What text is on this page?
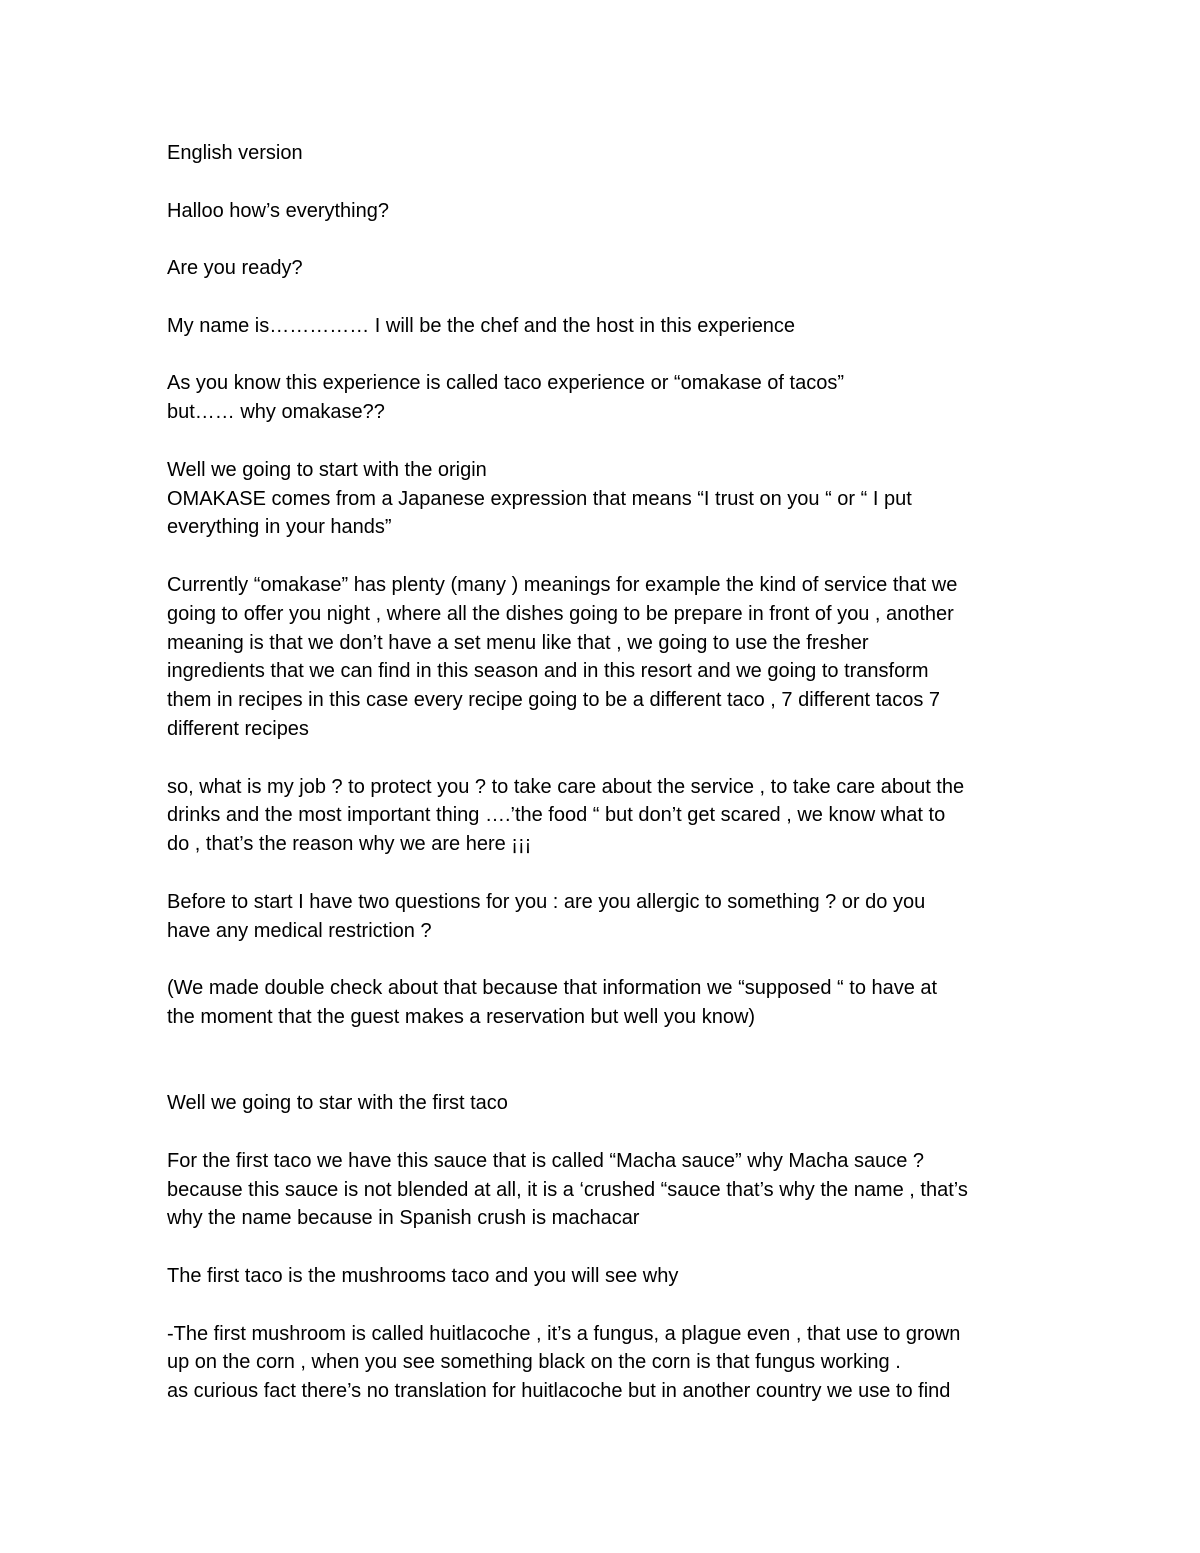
English version

Halloo how’s everything?

Are you ready?

My name is…………… I will be the chef and the host in this experience

As you know this experience is called taco experience or “omakase of tacos”
but…… why omakase??

Well we going to start with the origin
OMAKASE comes from a Japanese expression that means “I trust on you “ or “ I put
everything in your hands”

Currently “omakase” has plenty (many ) meanings for example the kind of service that we
going to offer you night , where all the dishes going to be prepare in front of you , another
meaning is that we don’t have a set menu like that , we going to use the fresher
ingredients that we can find in this season and in this resort and we going to transform
them in recipes in this case every recipe going to be a different taco , 7 different tacos 7
different recipes

so, what is my job ? to protect you ? to take care about the service , to take care about the
drinks and the most important thing ….’the food “ but don’t get scared , we know what to
do , that’s the reason why we are here ¡¡¡

Before to start I have two questions for you : are you allergic to something ? or do you
have any medical restriction ?

(We made double check about that because that information we “supposed “ to have at
the moment that the guest makes a reservation but well you know)

Well we going to star with the first taco

For the first taco we have this sauce that is called “Macha sauce” why Macha sauce ?
because this sauce is not blended at all, it is a ‘crushed “sauce that’s why the name , that’s
why the name because in Spanish crush is machacar

The first taco is the mushrooms taco and you will see why

-The first mushroom is called huitlacoche , it’s a fungus, a plague even , that use to grown
up on the corn , when you see something black on the corn is that fungus working .
as curious fact there’s no translation for huitlacoche but in another country we use to find
